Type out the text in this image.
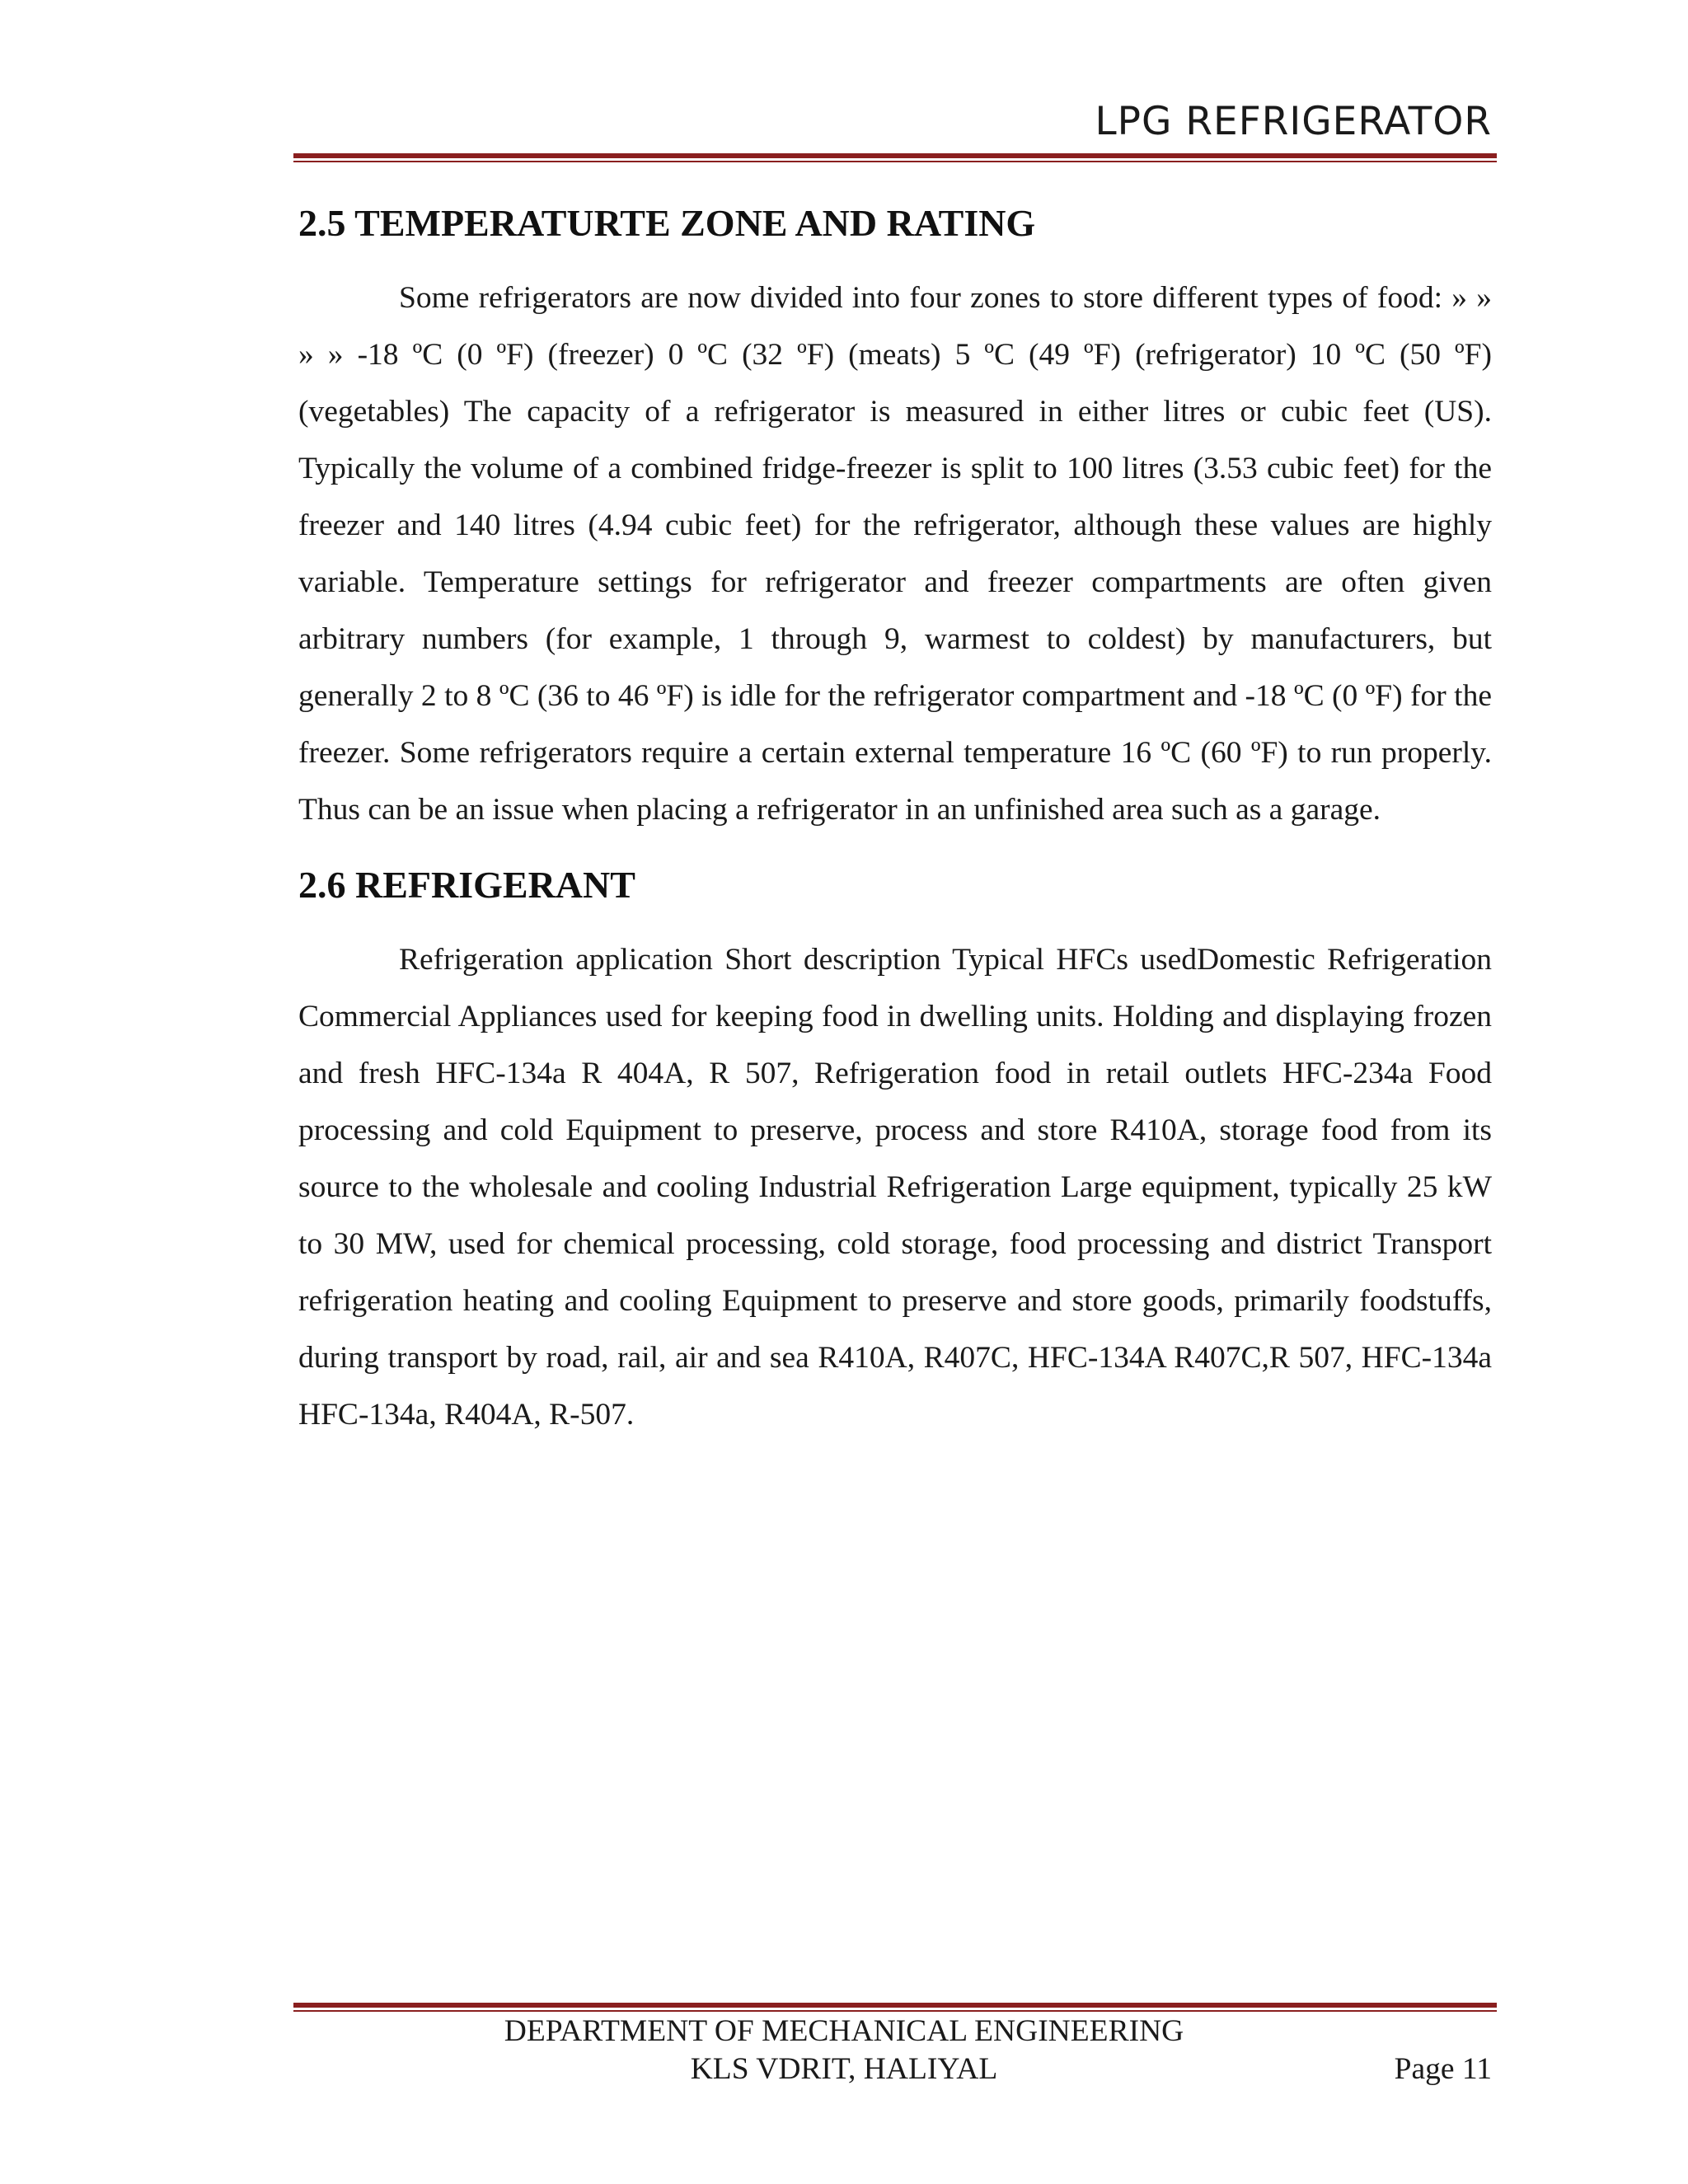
LPG REFRIGERATOR
2.5 TEMPERATURTE ZONE AND RATING

Some refrigerators are now divided into four zones to store different types of food: » » » » -18 ºC (0 ºF) (freezer) 0 ºC (32 ºF) (meats) 5 ºC (49 ºF) (refrigerator) 10 ºC (50 ºF) (vegetables) The capacity of a refrigerator is measured in either litres or cubic feet (US). Typically the volume of a combined fridge-freezer is split to 100 litres (3.53 cubic feet) for the freezer and 140 litres (4.94 cubic feet) for the refrigerator, although these values are highly variable. Temperature settings for refrigerator and freezer compartments are often given arbitrary numbers (for example, 1 through 9, warmest to coldest) by manufacturers, but generally 2 to 8 ºC (36 to 46 ºF) is idle for the refrigerator compartment and -18 ºC (0 ºF) for the freezer. Some refrigerators require a certain external temperature 16 ºC (60 ºF) to run properly. Thus can be an issue when placing a refrigerator in an unfinished area such as a garage.

2.6 REFRIGERANT

Refrigeration application Short description Typical HFCs usedDomestic Refrigeration Commercial Appliances used for keeping food in dwelling units. Holding and displaying frozen and fresh HFC-134a R 404A, R 507, Refrigeration food in retail outlets HFC-234a Food processing and cold Equipment to preserve, process and store R410A, storage food from its source to the wholesale and cooling Industrial Refrigeration Large equipment, typically 25 kW to 30 MW, used for chemical processing, cold storage, food processing and district Transport refrigeration heating and cooling Equipment to preserve and store goods, primarily foodstuffs, during transport by road, rail, air and sea R410A, R407C, HFC-134A R407C,R 507, HFC-134a HFC-134a, R404A, R-507.

DEPARTMENT OF MECHANICAL ENGINEERING
KLS VDRIT, HALIYAL	Page 11
